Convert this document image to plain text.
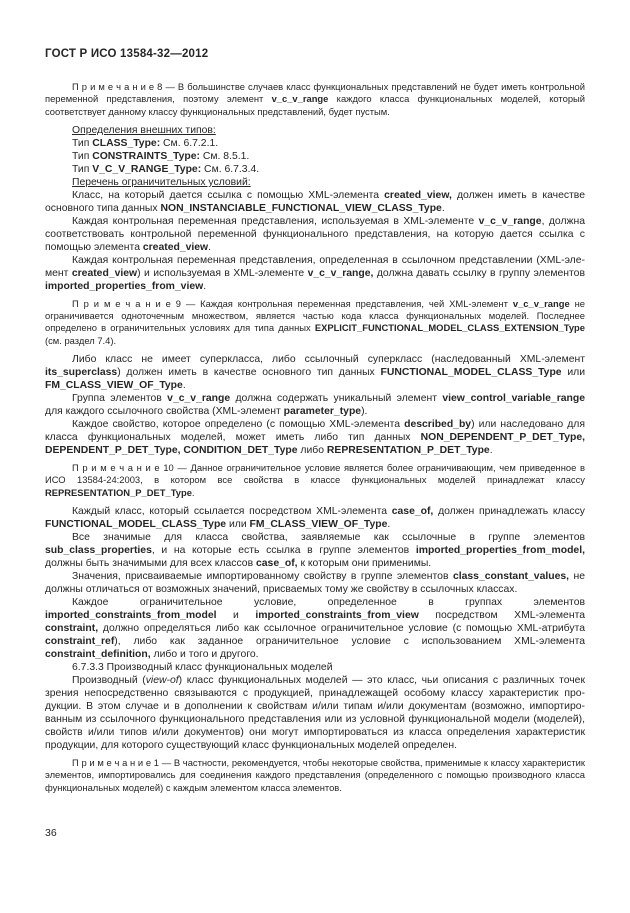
ГОСТ Р ИСО 13584-32—2012

П р и м е ч а н и е 8 — В большинстве случаев класс функциональных представлений не будет иметь контрольной переменной представления, поэтому элемент v_c_v_range каждого класса функциональных моделей, который соответствует данному классу функциональных представлений, будет пустым.

Определения внешних типов:

Тип CLASS_Type: См. 6.7.2.1.

Тип CONSTRAINTS_Type: См. 8.5.1.

Тип V_C_V_RANGE_Type: См. 6.7.3.4.

Перечень ограничительных условий:

Класс, на который дается ссылка с помощью XML-элемента created_view, должен иметь в качестве основного типа данных NON_INSTANCIABLE_FUNCTIONAL_VIEW_CLASS_Type.

Каждая контрольная переменная представления, используемая в XML-элементе v_c_v_range, должна соответствовать контрольной переменной функционального представления, на которую дается ссылка с помощью элемента created_view.

Каждая контрольная переменная представления, определенная в ссылочном представлении (XML-элемент created_view) и используемая в XML-элементе v_c_v_range, должна давать ссылку в группу элементов imported_properties_from_view.

П р и м е ч а н и е 9 — Каждая контрольная переменная представления, чей XML-элемент v_c_v_range не ограничивается одноточечным множеством, является частью кода класса функциональных моделей. Последнее определено в ограничительных условиях для типа данных EXPLICIT_FUNCTIONAL_MODEL_CLASS_EXTENSION_Type (см. раздел 7.4).

Либо класс не имеет суперкласса, либо ссылочный суперкласс (наследованный XML-элемент its_superclass) должен иметь в качестве основного тип данных FUNCTIONAL_MODEL_CLASS_Type или FM_CLASS_VIEW_OF_Type.

Группа элементов v_c_v_range должна содержать уникальный элемент view_control_variable_range для каждого ссылочного свойства (XML-элемент parameter_type).

Каждое свойство, которое определено (с помощью XML-элемента described_by) или наследовано для класса функциональных моделей, может иметь либо тип данных NON_DEPENDENT_P_DET_Type, DEPENDENT_P_DET_Type, CONDITION_DET_Type либо REPRESENTATION_P_DET_Type.

П р и м е ч а н и е 10 — Данное ограничительное условие является более ограничивающим, чем приведенное в ИСО 13584-24:2003, в котором все свойства в классе функциональных моделей принадлежат классу REPRESENTATION_P_DET_Type.

Каждый класс, который ссылается посредством XML-элемента case_of, должен принадлежать классу FUNCTIONAL_MODEL_CLASS_Type или FM_CLASS_VIEW_OF_Type.

Все значимые для класса свойства, заявляемые как ссылочные в группе элементов sub_class_properties, и на которые есть ссылка в группе элементов imported_properties_from_model, должны быть значимыми для всех классов case_of, к которым они применимы.

Значения, присваиваемые импортированному свойству в группе элементов class_constant_values, не должны отличаться от возможных значений, присваемых тому же свойству в ссылочных классах.

Каждое ограничительное условие, определенное в группах элементов imported_constraints_from_model и imported_constraints_from_view посредством XML-элемента constraint, должно определяться либо как ссылочное ограничительное условие (с помощью XML-атрибута constraint_ref), либо как заданное ограничительное условие с использованием XML-элемента constraint_definition, либо и того и другого.

6.7.3.3 Производный класс функциональных моделей

Производный (view-of) класс функциональных моделей — это класс, чьи описания с различных точек зрения непосредственно связываются с продукцией, принадлежащей особому классу характеристик продукции. В этом случае и в дополнении к свойствам и/или типам и/или документам (возможно, импортированным из ссылочного функционального представления или из условной функциональной модели (моделей), свойств и/или типов и/или документов) они могут импортироваться из класса определения характеристик продукции, для которого существующий класс функциональных моделей определен.

П р и м е ч а н и е 1 — В частности, рекомендуется, чтобы некоторые свойства, применимые к классу характеристик элементов, импортировались для соединения каждого представления (определенного с помощью производного класса функциональных моделей) с каждым элементом класса элементов.

36
